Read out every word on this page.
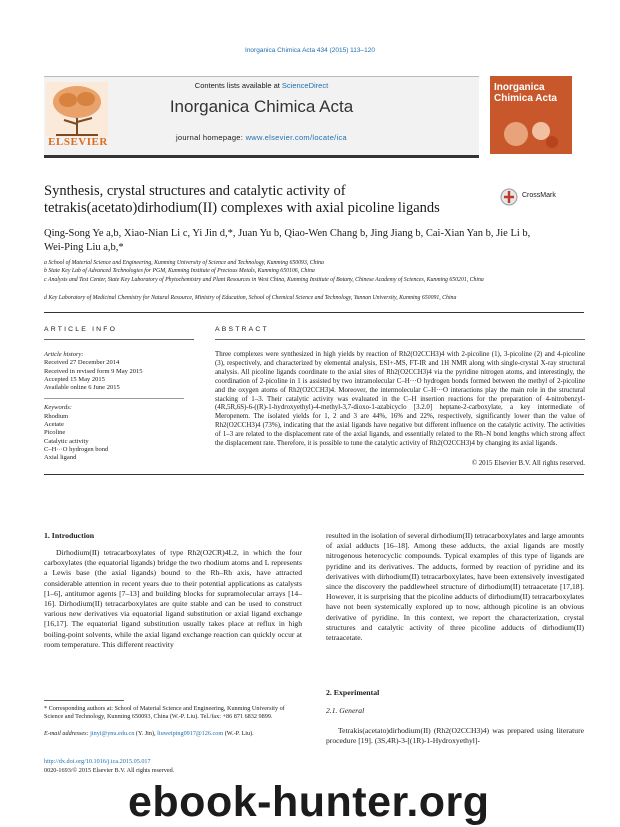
Inorganica Chimica Acta 434 (2015) 113–120
Contents lists available at ScienceDirect
Inorganica Chimica Acta
journal homepage: www.elsevier.com/locate/ica
ELSEVIER
Inorganica Chimica Acta
Synthesis, crystal structures and catalytic activity of
tetrakis(acetato)dirhodium(II) complexes with axial picoline ligands
CrossMark
Qing-Song Ye a,b, Xiao-Nian Li c, Yi Jin d,*, Juan Yu b, Qiao-Wen Chang b, Jing Jiang b, Cai-Xian Yan b, Jie Li b,
Wei-Ping Liu a,b,*
a School of Material Science and Engineering, Kunming University of Science and Technology, Kunming 650093, China
b State Key Lab of Advanced Technologies for PGM, Kunming Institute of Precious Metals, Kunming 650106, China
c Analysis and Test Center, State Key Laboratory of Phytochemistry and Plant Resources in West China, Kunming Institute of Botany, Chinese Academy of Sciences, Kunming 650201, China
d Key Laboratory of Medicinal Chemistry for Natural Resource, Ministry of Education, School of Chemical Science and Technology, Yunnan University, Kunming 650091, China
ARTICLE INFO	ABSTRACT
Article history:
Received 27 December 2014
Received in revised form 9 May 2015
Accepted 15 May 2015
Available online 6 June 2015
Keywords:
Rhodium
Acetate
Picoline
Catalytic activity
C–H···O hydrogen bond
Axial ligand
Three complexes were synthesized in high yields by reaction of Rh2(O2CCH3)4 with 2-picoline (1), 3-picoline (2) and 4-picoline (3), respectively, and characterized by elemental analysis, ESI+-MS, FT-IR and 1H NMR along with single-crystal X-ray structural analysis. All picoline ligands coordinate to the axial sites of Rh2(O2CCH3)4 via the pyridine nitrogen atoms, and interestingly, the coordination of 2-picoline in 1 is assisted by two intramolecular C–H···O hydrogen bonds formed between the methyl of 2-picoline and the oxygen atoms of Rh2(O2CCH3)4. Moreover, the intermolecular C–H···O interactions play the main role in the structural stacking of 1–3. Their catalytic activity was evaluated in the C–H insertion reactions for the preparation of 4-nitrobenzyl-(4R,5R,6S)-6-((R)-1-hydroxyethyl)-4-methyl-3,7-dioxo-1-azabicyclo [3.2.0] heptane-2-carboxylate, a key intermediate of Meropenem. The isolated yields for 1, 2 and 3 are 44%, 16% and 22%, respectively, significantly lower than the value of Rh2(O2CCH3)4 (73%), indicating that the axial ligands have negative but different influence on the catalytic activity. The activities of 1–3 are related to the displacement rate of the axial ligands, and essentially related to the Rh–N bond lengths which strong affect the displacement rate. Therefore, it is possible to tune the catalytic activity of Rh2(O2CCH3)4 by changing its axial ligands.
© 2015 Elsevier B.V. All rights reserved.
1. Introduction
Dirhodium(II) tetracarboxylates of type Rh2(O2CR)4L2, in which the four carboxylates (the equatorial ligands) bridge the two rhodium atoms and L represents a Lewis base (the axial ligands) bound to the Rh–Rh axis, have attracted considerable attention in recent years due to their potential applications as catalysts [1–6], antitumor agents [7–13] and building blocks for supramolecular arrays [14–16]. Dirhodium(II) tetracarboxylates are quite stable and can be used to construct various new derivatives via equatorial ligand substitution or axial ligand exchange [16,17]. The equatorial ligand substitution usually takes place at reflux in high boiling-point solvents, while the axial ligand exchange reaction can quickly occur at room temperature. This different reactivity
resulted in the isolation of several dirhodium(II) tetracarboxylates and large amounts of axial adducts [16–18]. Among these adducts, the axial ligands are mostly nitrogenous heterocyclic compounds. Typical examples of this type of ligands are pyridine and its derivatives. The adducts, formed by reaction of pyridine and its derivatives with dirhodium(II) tetracarboxylates, have been extensively investigated since the discovery the paddlewheel structure of dirhodium(II) tetraacetate [17,18]. However, it is surprising that the picoline adducts of dirhodium(II) tetracarboxylates have not been systemically explored up to now, although picoline is an obvious derivative of pyridine. In this context, we report the characterization, crystal structures and catalytic activity of three picoline adducts of dirhodium(II) tetraacetate.
2. Experimental
2.1. General
Tetrakis(acetato)dirhodium(II) (Rh2(O2CCH3)4) was prepared using literature procedure [19]. (3S,4R)-3-[(1R)-1-Hydroxyethyl]-
* Corresponding authors at: School of Material Science and Engineering, Kunming University of Science and Technology, Kunming 650093, China (W.-P. Liu). Tel./fax: +86 871 6832 9899.
E-mail addresses: jinyi@ynu.edu.cn (Y. Jin), liuweiping0917@126.com (W.-P. Liu).
http://dx.doi.org/10.1016/j.ica.2015.05.017
0020-1693/© 2015 Elsevier B.V. All rights reserved.
ebook-hunter.org
